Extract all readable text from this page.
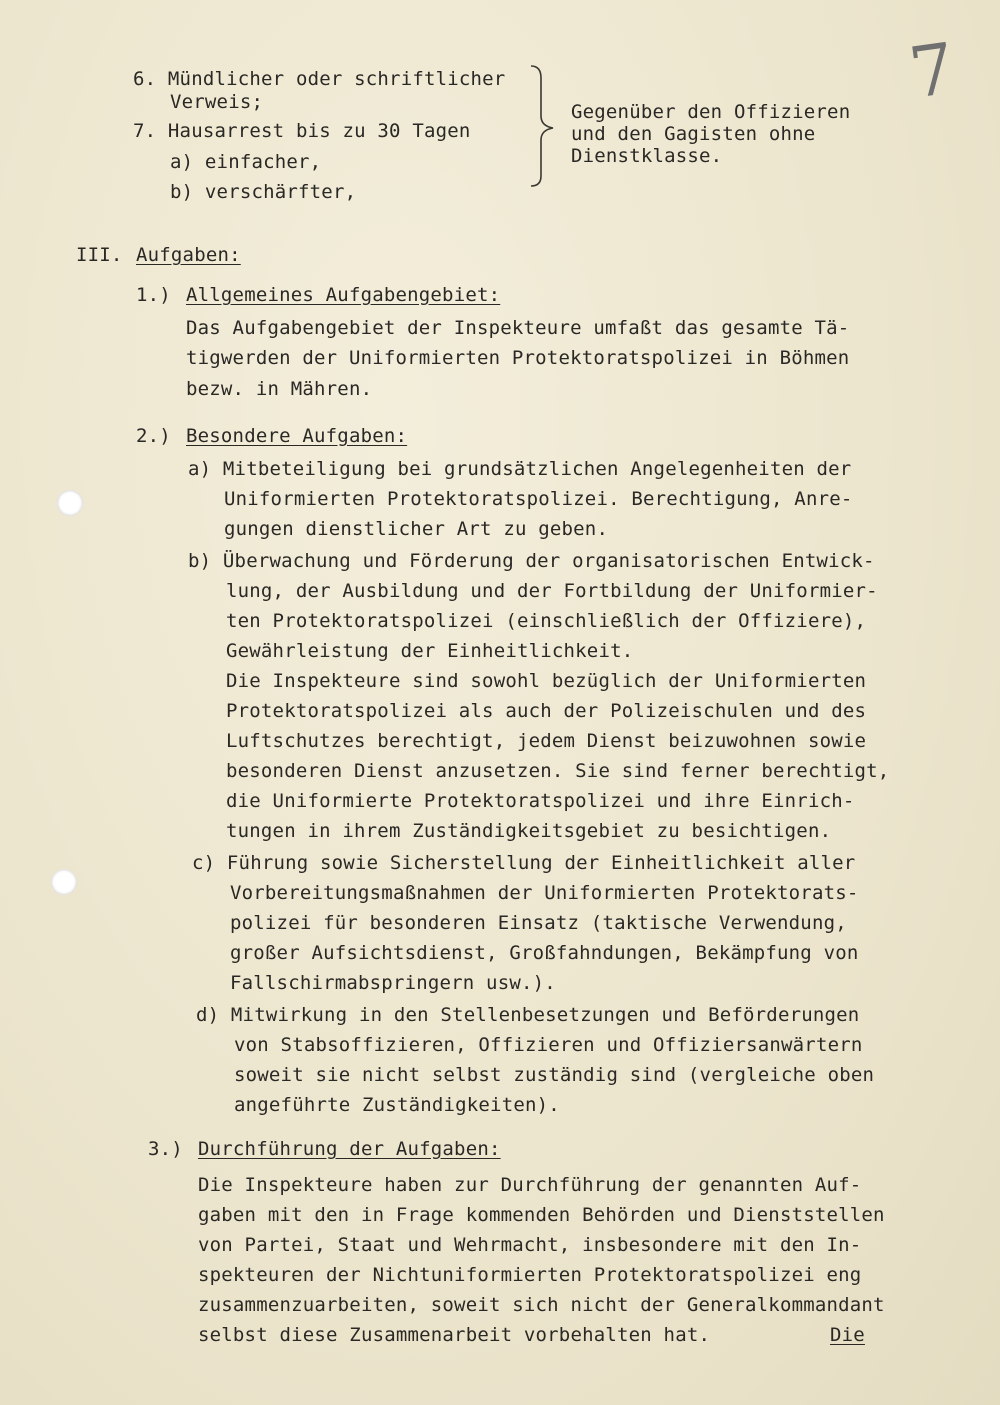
7
6. Mündlicher oder schriftlicher
Verweis;
7. Hausarrest bis zu 30 Tagen
a) einfacher,
b) verschärfter,
Gegenüber den Offizieren
und den Gagisten ohne
Dienstklasse.
III. Aufgaben:
1.) Allgemeines Aufgabengebiet:
Das Aufgabengebiet der Inspekteure umfaßt das gesamte Tä-
tigwerden der Uniformierten Protektoratspolizei in Böhmen
bezw. in Mähren.
2.) Besondere Aufgaben:
a) Mitbeteiligung bei grundsätzlichen Angelegenheiten der
Uniformierten Protektoratspolizei. Berechtigung, Anre-
gungen dienstlicher Art zu geben.
b) Überwachung und Förderung der organisatorischen Entwick-
lung, der Ausbildung und der Fortbildung der Uniformier-
ten Protektoratspolizei (einschließlich der Offiziere),
Gewährleistung der Einheitlichkeit.
Die Inspekteure sind sowohl bezüglich der Uniformierten
Protektoratspolizei als auch der Polizeischulen und des
Luftschutzes berechtigt, jedem Dienst beizuwohnen sowie
besonderen Dienst anzusetzen. Sie sind ferner berechtigt,
die Uniformierte Protektoratspolizei und ihre Einrich-
tungen in ihrem Zuständigkeitsgebiet zu besichtigen.
c) Führung sowie Sicherstellung der Einheitlichkeit aller
Vorbereitungsmaßnahmen der Uniformierten Protektorats-
polizei für besonderen Einsatz (taktische Verwendung,
großer Aufsichtsdienst, Großfahndungen, Bekämpfung von
Fallschirmabspringern usw.).
d) Mitwirkung in den Stellenbesetzungen und Beförderungen
von Stabsoffizieren, Offizieren und Offiziersanwärtern
soweit sie nicht selbst zuständig sind (vergleiche oben
angeführte Zuständigkeiten).
3.) Durchführung der Aufgaben:
Die Inspekteure haben zur Durchführung der genannten Auf-
gaben mit den in Frage kommenden Behörden und Dienststellen
von Partei, Staat und Wehrmacht, insbesondere mit den In-
spekteuren der Nichtuniformierten Protektoratspolizei eng
zusammenzuarbeiten, soweit sich nicht der Generalkommandant
selbst diese Zusammenarbeit vorbehalten hat.	Die
